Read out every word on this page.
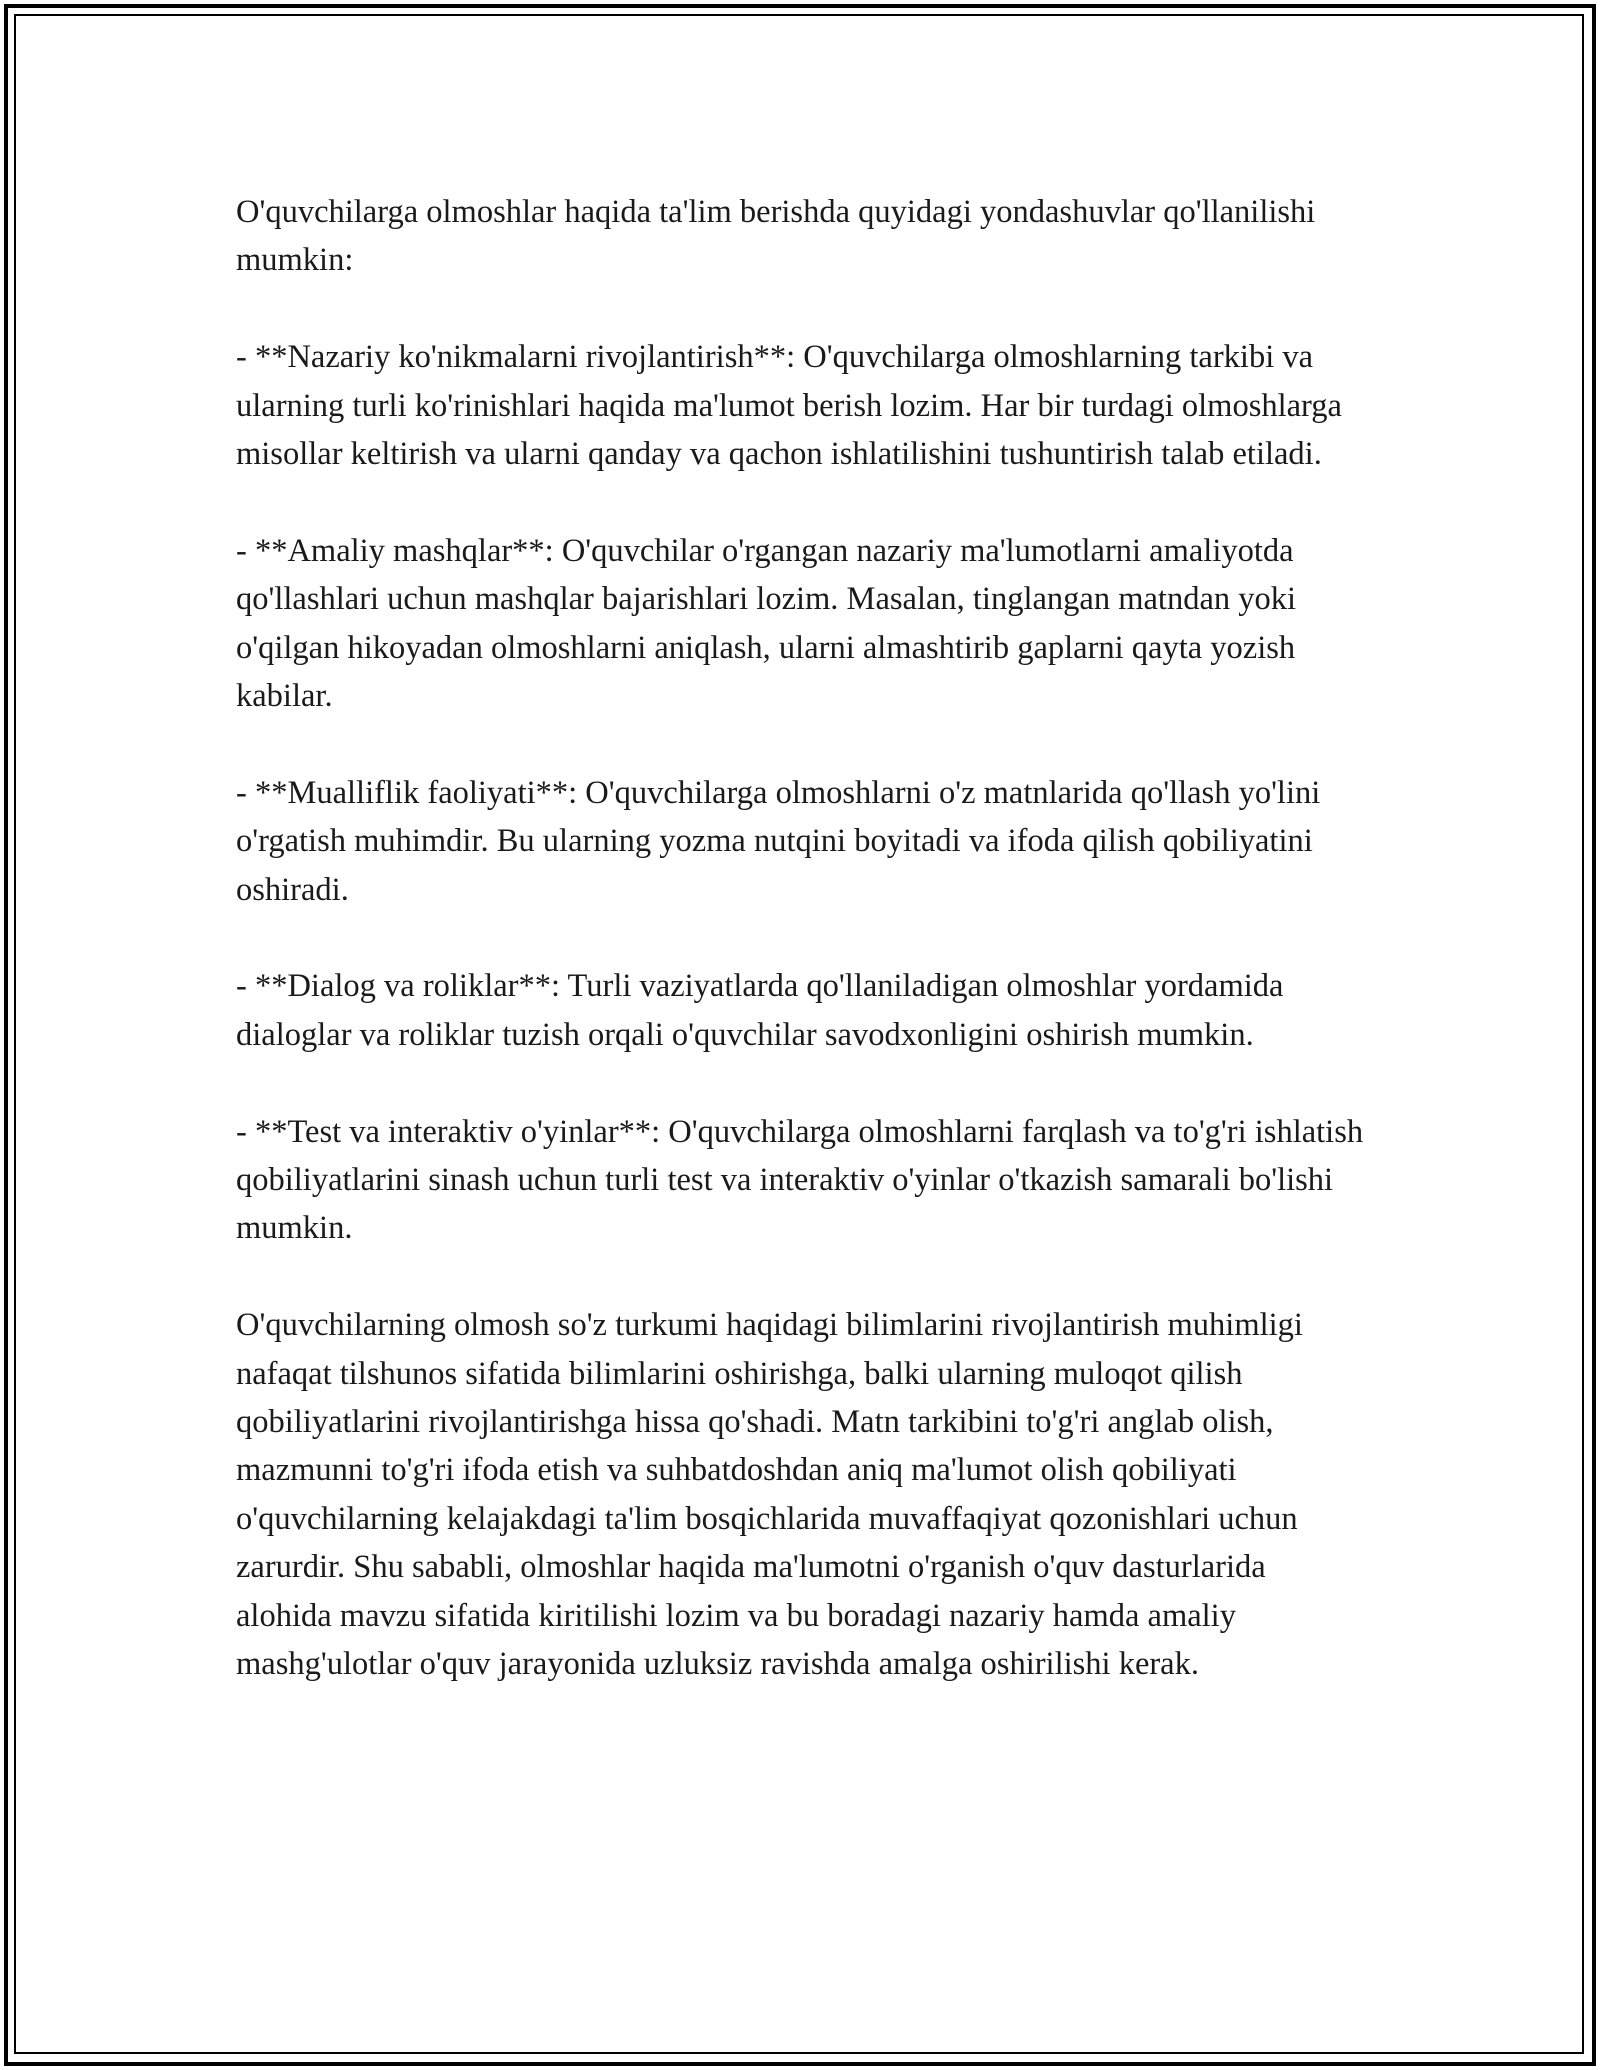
O'quvchilarga olmoshlar haqida ta'lim berishda quyidagi yondashuvlar qo'llanilishi mumkin:

- **Nazariy ko'nikmalarni rivojlantirish**: O'quvchilarga olmoshlarning tarkibi va ularning turli ko'rinishlari haqida ma'lumot berish lozim. Har bir turdagi olmoshlarga misollar keltirish va ularni qanday va qachon ishlatilishini tushuntirish talab etiladi.

- **Amaliy mashqlar**: O'quvchilar o'rgangan nazariy ma'lumotlarni amaliyotda qo'llashlari uchun mashqlar bajarishlari lozim. Masalan, tinglangan matndan yoki o'qilgan hikoyadan olmoshlarni aniqlash, ularni almashtirib gaplarni qayta yozish kabilar.

- **Mualliflik faoliyati**: O'quvchilarga olmoshlarni o'z matnlarida qo'llash yo'lini o'rgatish muhimdir. Bu ularning yozma nutqini boyitadi va ifoda qilish qobiliyatini oshiradi.

- **Dialog va roliklar**: Turli vaziyatlarda qo'llaniladigan olmoshlar yordamida dialoglar va roliklar tuzish orqali o'quvchilar savodxonligini oshirish mumkin.

- **Test va interaktiv o'yinlar**: O'quvchilarga olmoshlarni farqlash va to'g'ri ishlatish qobiliyatlarini sinash uchun turli test va interaktiv o'yinlar o'tkazish samarali bo'lishi mumkin.

O'quvchilarning olmosh so'z turkumi haqidagi bilimlarini rivojlantirish muhimligi nafaqat tilshunos sifatida bilimlarini oshirishga, balki ularning muloqot qilish qobiliyatlarini rivojlantirishga hissa qo'shadi. Matn tarkibini to'g'ri anglab olish, mazmunni to'g'ri ifoda etish va suhbatdoshdan aniq ma'lumot olish qobiliyati o'quvchilarning kelajakdagi ta'lim bosqichlarida muvaffaqiyat qozonishlari uchun zarurdir. Shu sababli, olmoshlar haqida ma'lumotni o'rganish o'quv dasturlarida alohida mavzu sifatida kiritilishi lozim va bu boradagi nazariy hamda amaliy mashg'ulotlar o'quv jarayonida uzluksiz ravishda amalga oshirilishi kerak.
